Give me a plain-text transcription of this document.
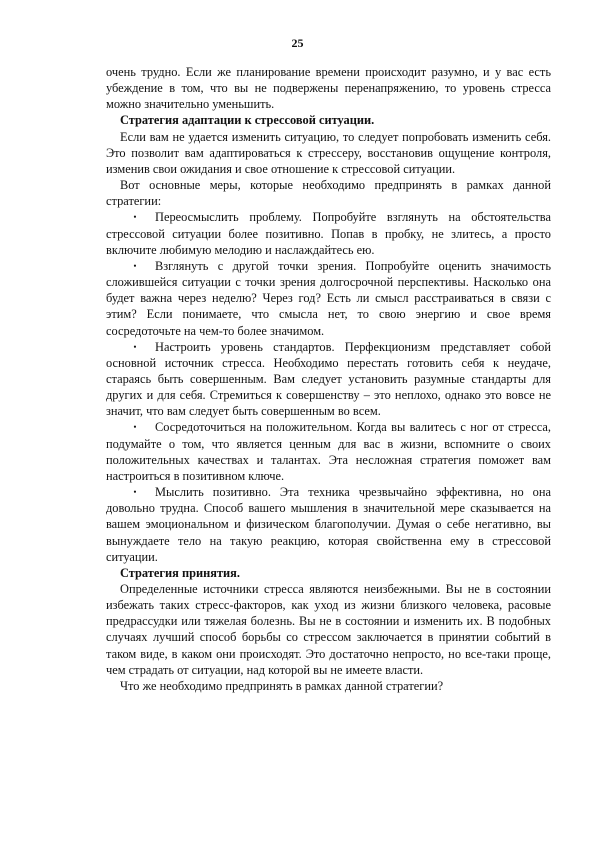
25

очень трудно. Если же планирование времени происходит разумно, и у вас есть убеждение в том, что вы не подвержены перенапряжению, то уровень стресса можно значительно уменьшить.

Стратегия адаптации к стрессовой ситуации.

Если вам не удается изменить ситуацию, то следует попробовать изменить себя. Это позволит вам адаптироваться к стрессеру, восстановив ощущение контроля, изменив свои ожидания и свое отношение к стрессовой ситуации.

Вот основные меры, которые необходимо предпринять в рамках данной стратегии:

•	Переосмыслить проблему. Попробуйте взглянуть на обстоятельства стрессовой ситуации более позитивно. Попав в пробку, не злитесь, а просто включите любимую мелодию и наслаждайтесь ею.

•	Взглянуть с другой точки зрения. Попробуйте оценить значимость сложившейся ситуации с точки зрения долгосрочной перспективы. Насколько она будет важна через неделю? Через год? Есть ли смысл расстраиваться в связи с этим? Если понимаете, что смысла нет, то свою энергию и свое время сосредоточьте на чем-то более значимом.

•	Настроить уровень стандартов. Перфекционизм представляет собой основной источник стресса. Необходимо перестать готовить себя к неудаче, стараясь быть совершенным. Вам следует установить разумные стандарты для других и для себя. Стремиться к совершенству – это неплохо, однако это вовсе не значит, что вам следует быть совершенным во всем.

•	Сосредоточиться на положительном. Когда вы валитесь с ног от стресса, подумайте о том, что является ценным для вас в жизни, вспомните о своих положительных качествах и талантах. Эта несложная стратегия поможет вам настроиться в позитивном ключе.

•	Мыслить позитивно. Эта техника чрезвычайно эффективна, но она довольно трудна. Способ вашего мышления в значительной мере сказывается на вашем эмоциональном и физическом благополучии. Думая о себе негативно, вы вынуждаете тело на такую реакцию, которая свойственна ему в стрессовой ситуации.

Стратегия принятия.

Определенные источники стресса являются неизбежными. Вы не в состоянии избежать таких стресс-факторов, как уход из жизни близкого человека, расовые предрассудки или тяжелая болезнь. Вы не в состоянии и изменить их. В подобных случаях лучший способ борьбы со стрессом заключается в принятии событий в таком виде, в каком они происходят. Это достаточно непросто, но все-таки проще, чем страдать от ситуации, над которой вы не имеете власти.

Что же необходимо предпринять в рамках данной стратегии?
